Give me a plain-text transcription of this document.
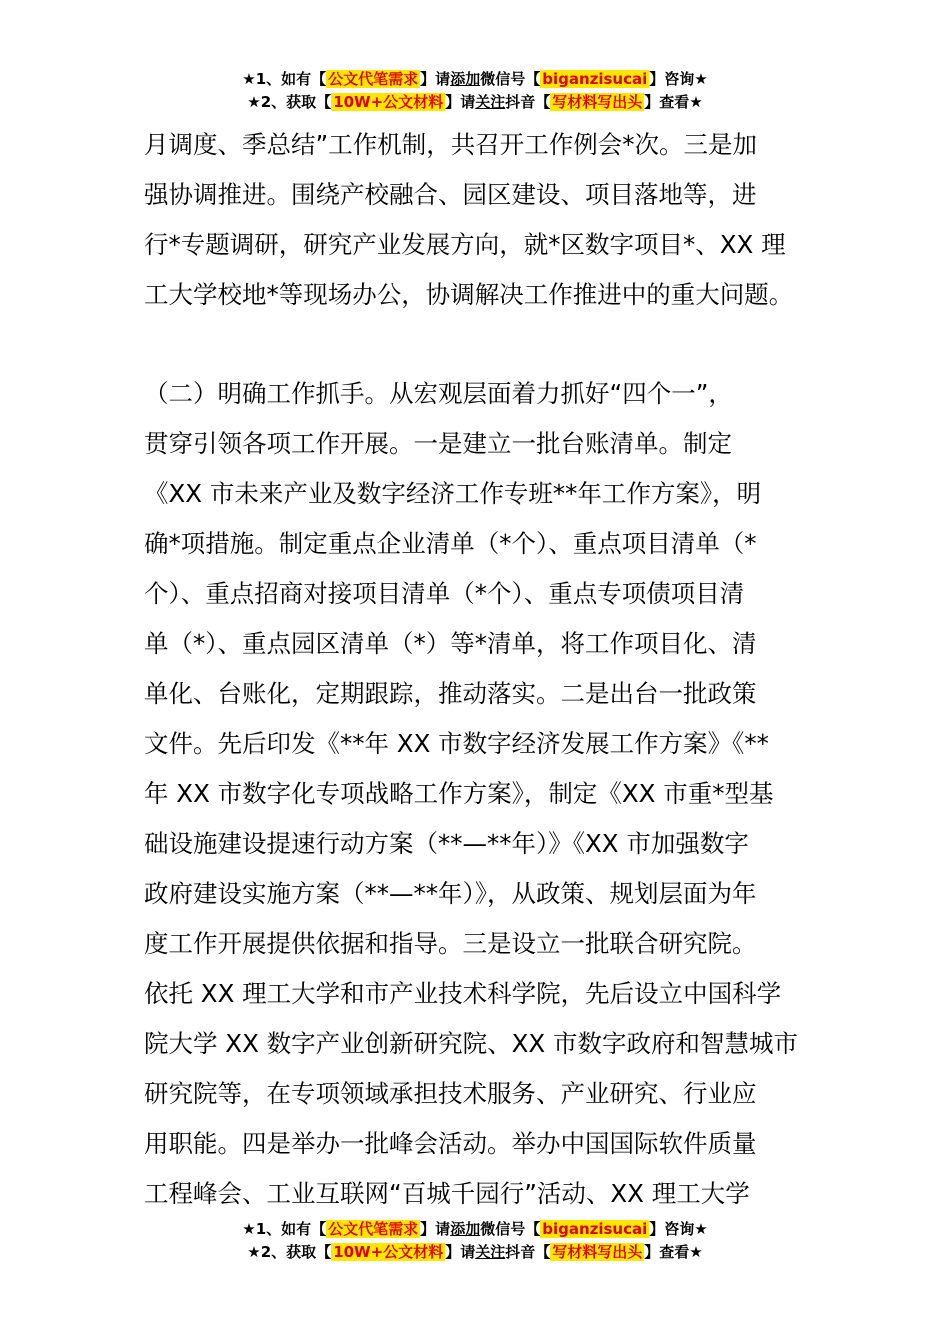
★1、如有【 公文代笔需求 】请添加微信号【 biganzisucai 】咨询★
★2、获取【 10W+公文材料 】请关注抖音【 写材料写出头 】查看★
月调度、季总结”工作机制，共召开工作例会*次。三是加
强协调推进。围绕产校融合、园区建设、项目落地等，进
行*专题调研，研究产业发展方向，就*区数字项目*、XX 理
工大学校地*等现场办公，协调解决工作推进中的重大问题。
（二）明确工作抓手。从宏观层面着力抓好“四个一”，
贯穿引领各项工作开展。一是建立一批台账清单。制定
《XX 市未来产业及数字经济工作专班**年工作方案》，明
确*项措施。制定重点企业清单（*个）、重点项目清单（*
个）、重点招商对接项目清单（*个）、重点专项债项目清
单（*）、重点园区清单（*）等*清单，将工作项目化、清
单化、台账化，定期跟踪，推动落实。二是出台一批政策
文件。先后印发《**年 XX 市数字经济发展工作方案》《**
年 XX 市数字化专项战略工作方案》，制定《XX 市重*型基
础设施建设提速行动方案（**—**年）》《XX 市加强数字
政府建设实施方案（**—**年）》，从政策、规划层面为年
度工作开展提供依据和指导。三是设立一批联合研究院。
依托 XX 理工大学和市产业技术科学院，先后设立中国科学
院大学 XX 数字产业创新研究院、XX 市数字政府和智慧城市
研究院等，在专项领域承担技术服务、产业研究、行业应
用职能。四是举办一批峰会活动。举办中国国际软件质量
工程峰会、工业互联网“百城千园行”活动、XX 理工大学
★1、如有【 公文代笔需求 】请添加微信号【 biganzisucai 】咨询★
★2、获取【 10W+公文材料 】请关注抖音【 写材料写出头 】查看★
